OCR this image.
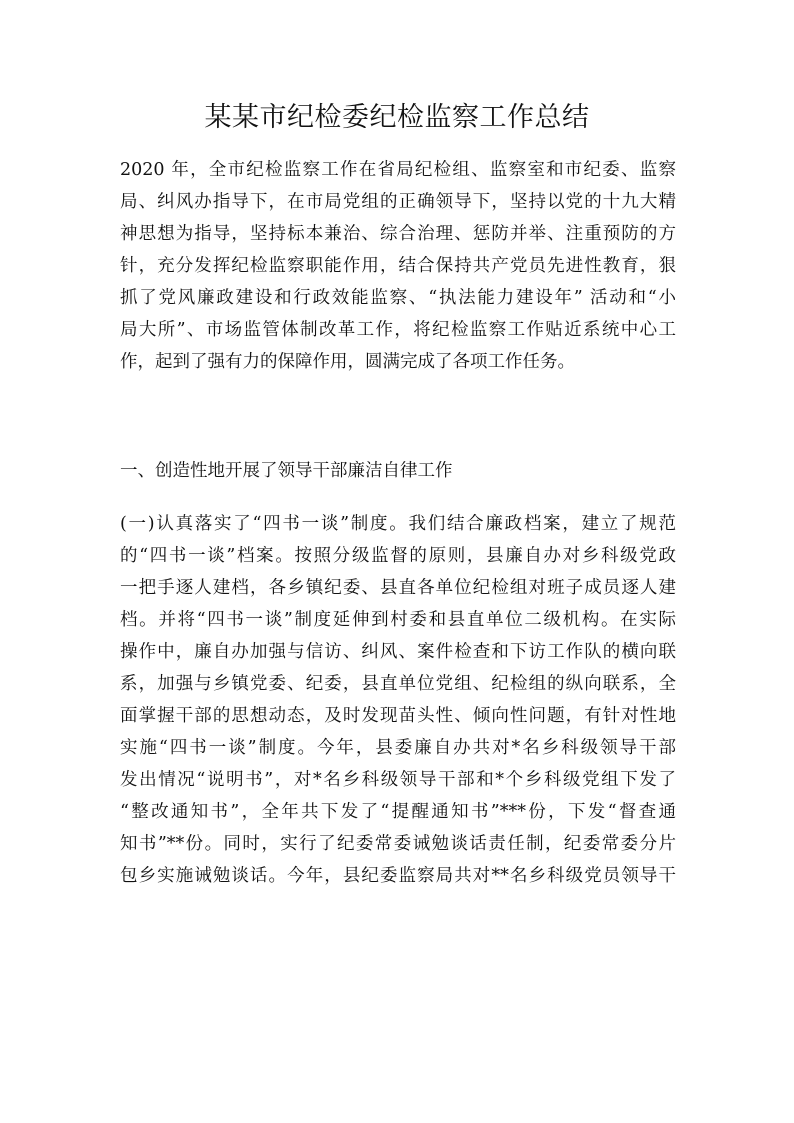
某某市纪检委纪检监察工作总结
2020 年，全市纪检监察工作在省局纪检组、监察室和市纪委、监察
局、纠风办指导下，在市局党组的正确领导下，坚持以党的十九大精
神思想为指导，坚持标本兼治、综合治理、惩防并举、注重预防的方
针，充分发挥纪检监察职能作用，结合保持共产党员先进性教育，狠
抓了党风廉政建设和行政效能监察、“执法能力建设年” 活动和“小
局大所”、市场监管体制改革工作，将纪检监察工作贴近系统中心工
作，起到了强有力的保障作用，圆满完成了各项工作任务。
一、创造性地开展了领导干部廉洁自律工作
(一)认真落实了“四书一谈”制度。我们结合廉政档案，建立了规范
的“四书一谈”档案。按照分级监督的原则，县廉自办对乡科级党政
一把手逐人建档，各乡镇纪委、县直各单位纪检组对班子成员逐人建
档。并将“四书一谈”制度延伸到村委和县直单位二级机构。在实际
操作中，廉自办加强与信访、纠风、案件检查和下访工作队的横向联
系，加强与乡镇党委、纪委，县直单位党组、纪检组的纵向联系，全
面掌握干部的思想动态，及时发现苗头性、倾向性问题，有针对性地
实施“四书一谈”制度。今年，县委廉自办共对*名乡科级领导干部
发出情况“说明书”，对*名乡科级领导干部和*个乡科级党组下发了
“整改通知书”，全年共下发了“提醒通知书”***份，下发“督查通
知书”**份。同时，实行了纪委常委诫勉谈话责任制，纪委常委分片
包乡实施诫勉谈话。今年，县纪委监察局共对**名乡科级党员领导干
